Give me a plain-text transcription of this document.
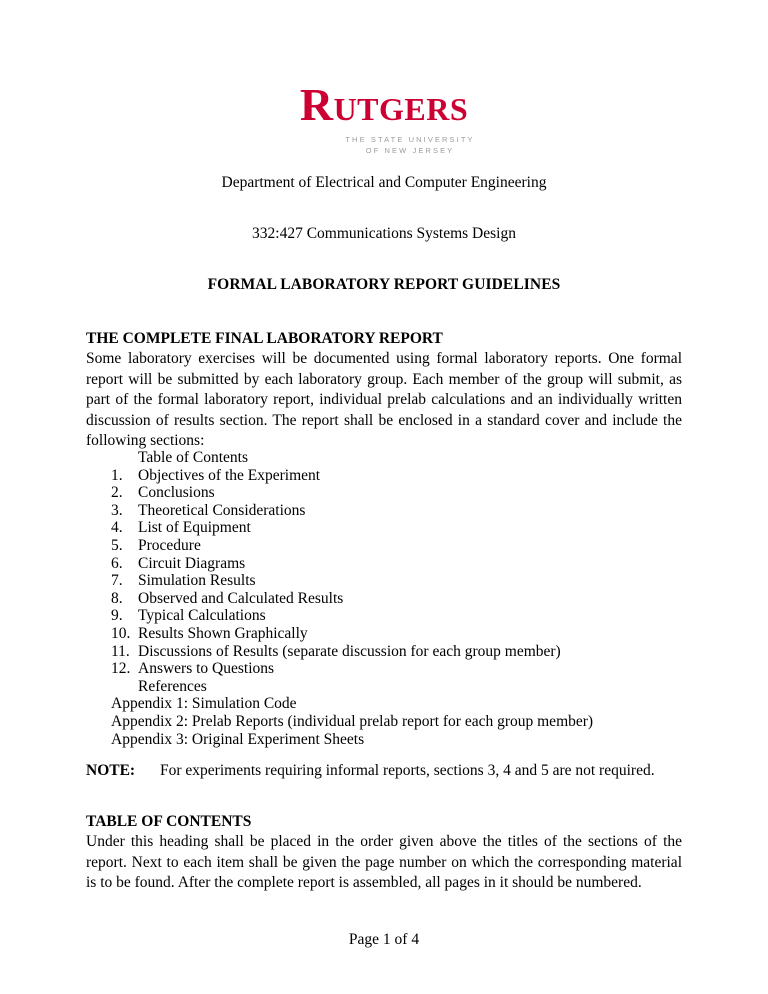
Rutgers
THE STATE UNIVERSITY
OF NEW JERSEY
Department of Electrical and Computer Engineering
332:427 Communications Systems Design
FORMAL LABORATORY REPORT GUIDELINES
THE COMPLETE FINAL LABORATORY REPORT

Some laboratory exercises will be documented using formal laboratory reports. One formal report will be submitted by each laboratory group. Each member of the group will submit, as part of the formal laboratory report, individual prelab calculations and an individually written discussion of results section. The report shall be enclosed in a standard cover and include the following sections:

Table of Contents
1. Objectives of the Experiment
2. Conclusions
3. Theoretical Considerations
4. List of Equipment
5. Procedure
6. Circuit Diagrams
7. Simulation Results
8. Observed and Calculated Results
9. Typical Calculations
10. Results Shown Graphically
11. Discussions of Results (separate discussion for each group member)
12. Answers to Questions
References
Appendix 1: Simulation Code
Appendix 2: Prelab Reports (individual prelab report for each group member)
Appendix 3: Original Experiment Sheets
NOTE: For experiments requiring informal reports, sections 3, 4 and 5 are not required.
TABLE OF CONTENTS

Under this heading shall be placed in the order given above the titles of the sections of the report. Next to each item shall be given the page number on which the corresponding material is to be found. After the complete report is assembled, all pages in it should be numbered.

Page 1 of 4
